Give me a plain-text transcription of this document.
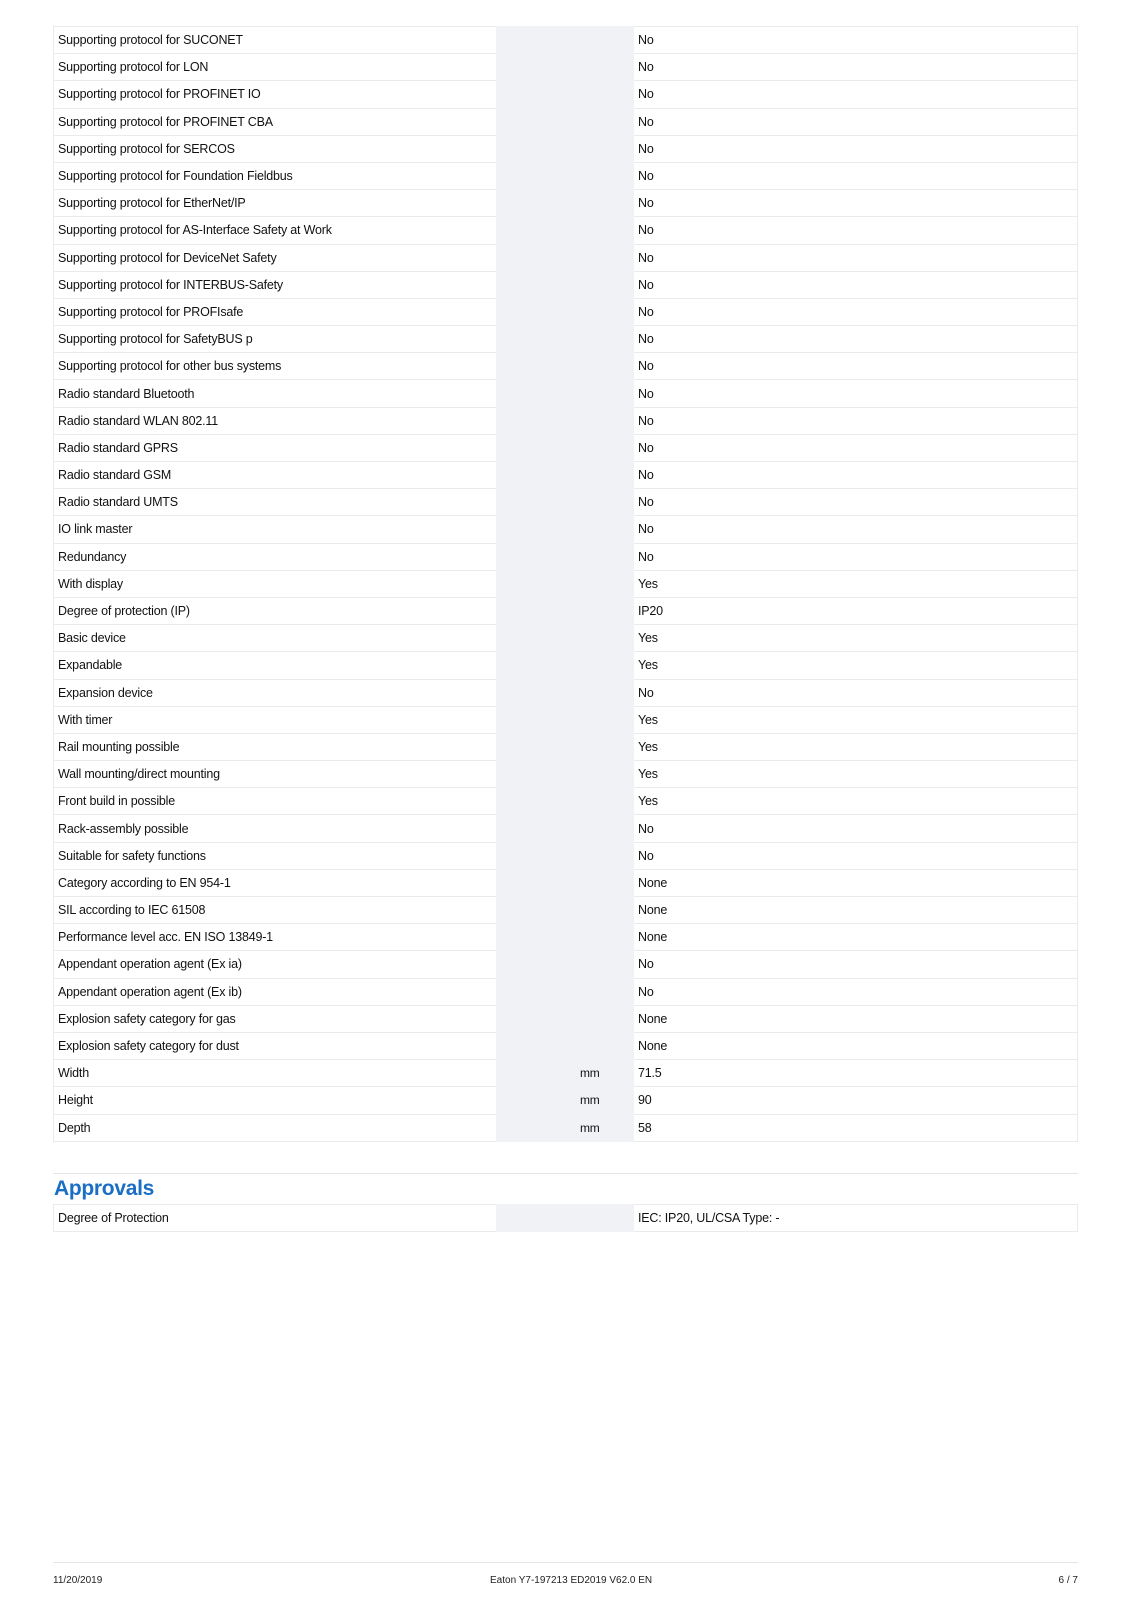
Supporting protocol for SUCONET			No
Supporting protocol for LON			No
Supporting protocol for PROFINET IO			No
Supporting protocol for PROFINET CBA			No
Supporting protocol for SERCOS			No
Supporting protocol for Foundation Fieldbus			No
Supporting protocol for EtherNet/IP			No
Supporting protocol for AS-Interface Safety at Work			No
Supporting protocol for DeviceNet Safety			No
Supporting protocol for INTERBUS-Safety			No
Supporting protocol for PROFIsafe			No
Supporting protocol for SafetyBUS p			No
Supporting protocol for other bus systems			No
Radio standard Bluetooth			No
Radio standard WLAN 802.11			No
Radio standard GPRS			No
Radio standard GSM			No
Radio standard UMTS			No
IO link master			No
Redundancy			No
With display			Yes
Degree of protection (IP)			IP20
Basic device			Yes
Expandable			Yes
Expansion device			No
With timer			Yes
Rail mounting possible			Yes
Wall mounting/direct mounting			Yes
Front build in possible			Yes
Rack-assembly possible			No
Suitable for safety functions			No
Category according to EN 954-1			None
SIL according to IEC 61508			None
Performance level acc. EN ISO 13849-1			None
Appendant operation agent (Ex ia)			No
Appendant operation agent (Ex ib)			No
Explosion safety category for gas			None
Explosion safety category for dust			None
Width		mm	71.5
Height		mm	90
Depth		mm	58
Approvals
Degree of Protection			IEC: IP20, UL/CSA Type: -
11/20/2019	Eaton Y7-197213 ED2019 V62.0 EN	6 / 7
